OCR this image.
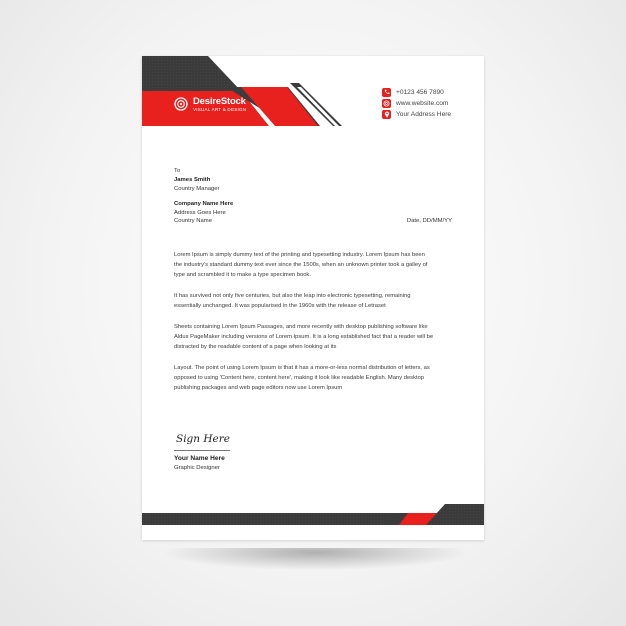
DesireStock
VISUAL ART & DESIGN
+0123 456 7890
www.website.com
Your Address Here
To
James Smith
Country Manager
Company Name Here
Address Goes Here
Country Name	Date, DD/MM/YY
Lorem Ipsum is simply dummy text of the printing and typesetting industry. Lorem Ipsum has been
the industry's standard dummy text ever since the 1500s, when an unknown printer took a galley of
type and scrambled it to make a type specimen book.
It has survived not only five centuries, but also the leap into electronic typesetting, remaining
essentially unchanged. It was popularised in the 1960s with the release of Letraset
Sheets containing Lorem Ipsum Passages, and more recently with desktop publishing software like
Aldus PageMaker including versions of Lorem Ipsum. It is a long established fact that a reader will be
distracted by the readable content of a page when looking at its
Layout. The point of using Lorem Ipsum is that it has a more-or-less normal distribution of letters, as
opposed to using 'Content here, content here', making it look like readable English. Many desktop
publishing packages and web page editors now use Lorem Ipsum
Sign Here
Your Name Here
Graphic Designer
